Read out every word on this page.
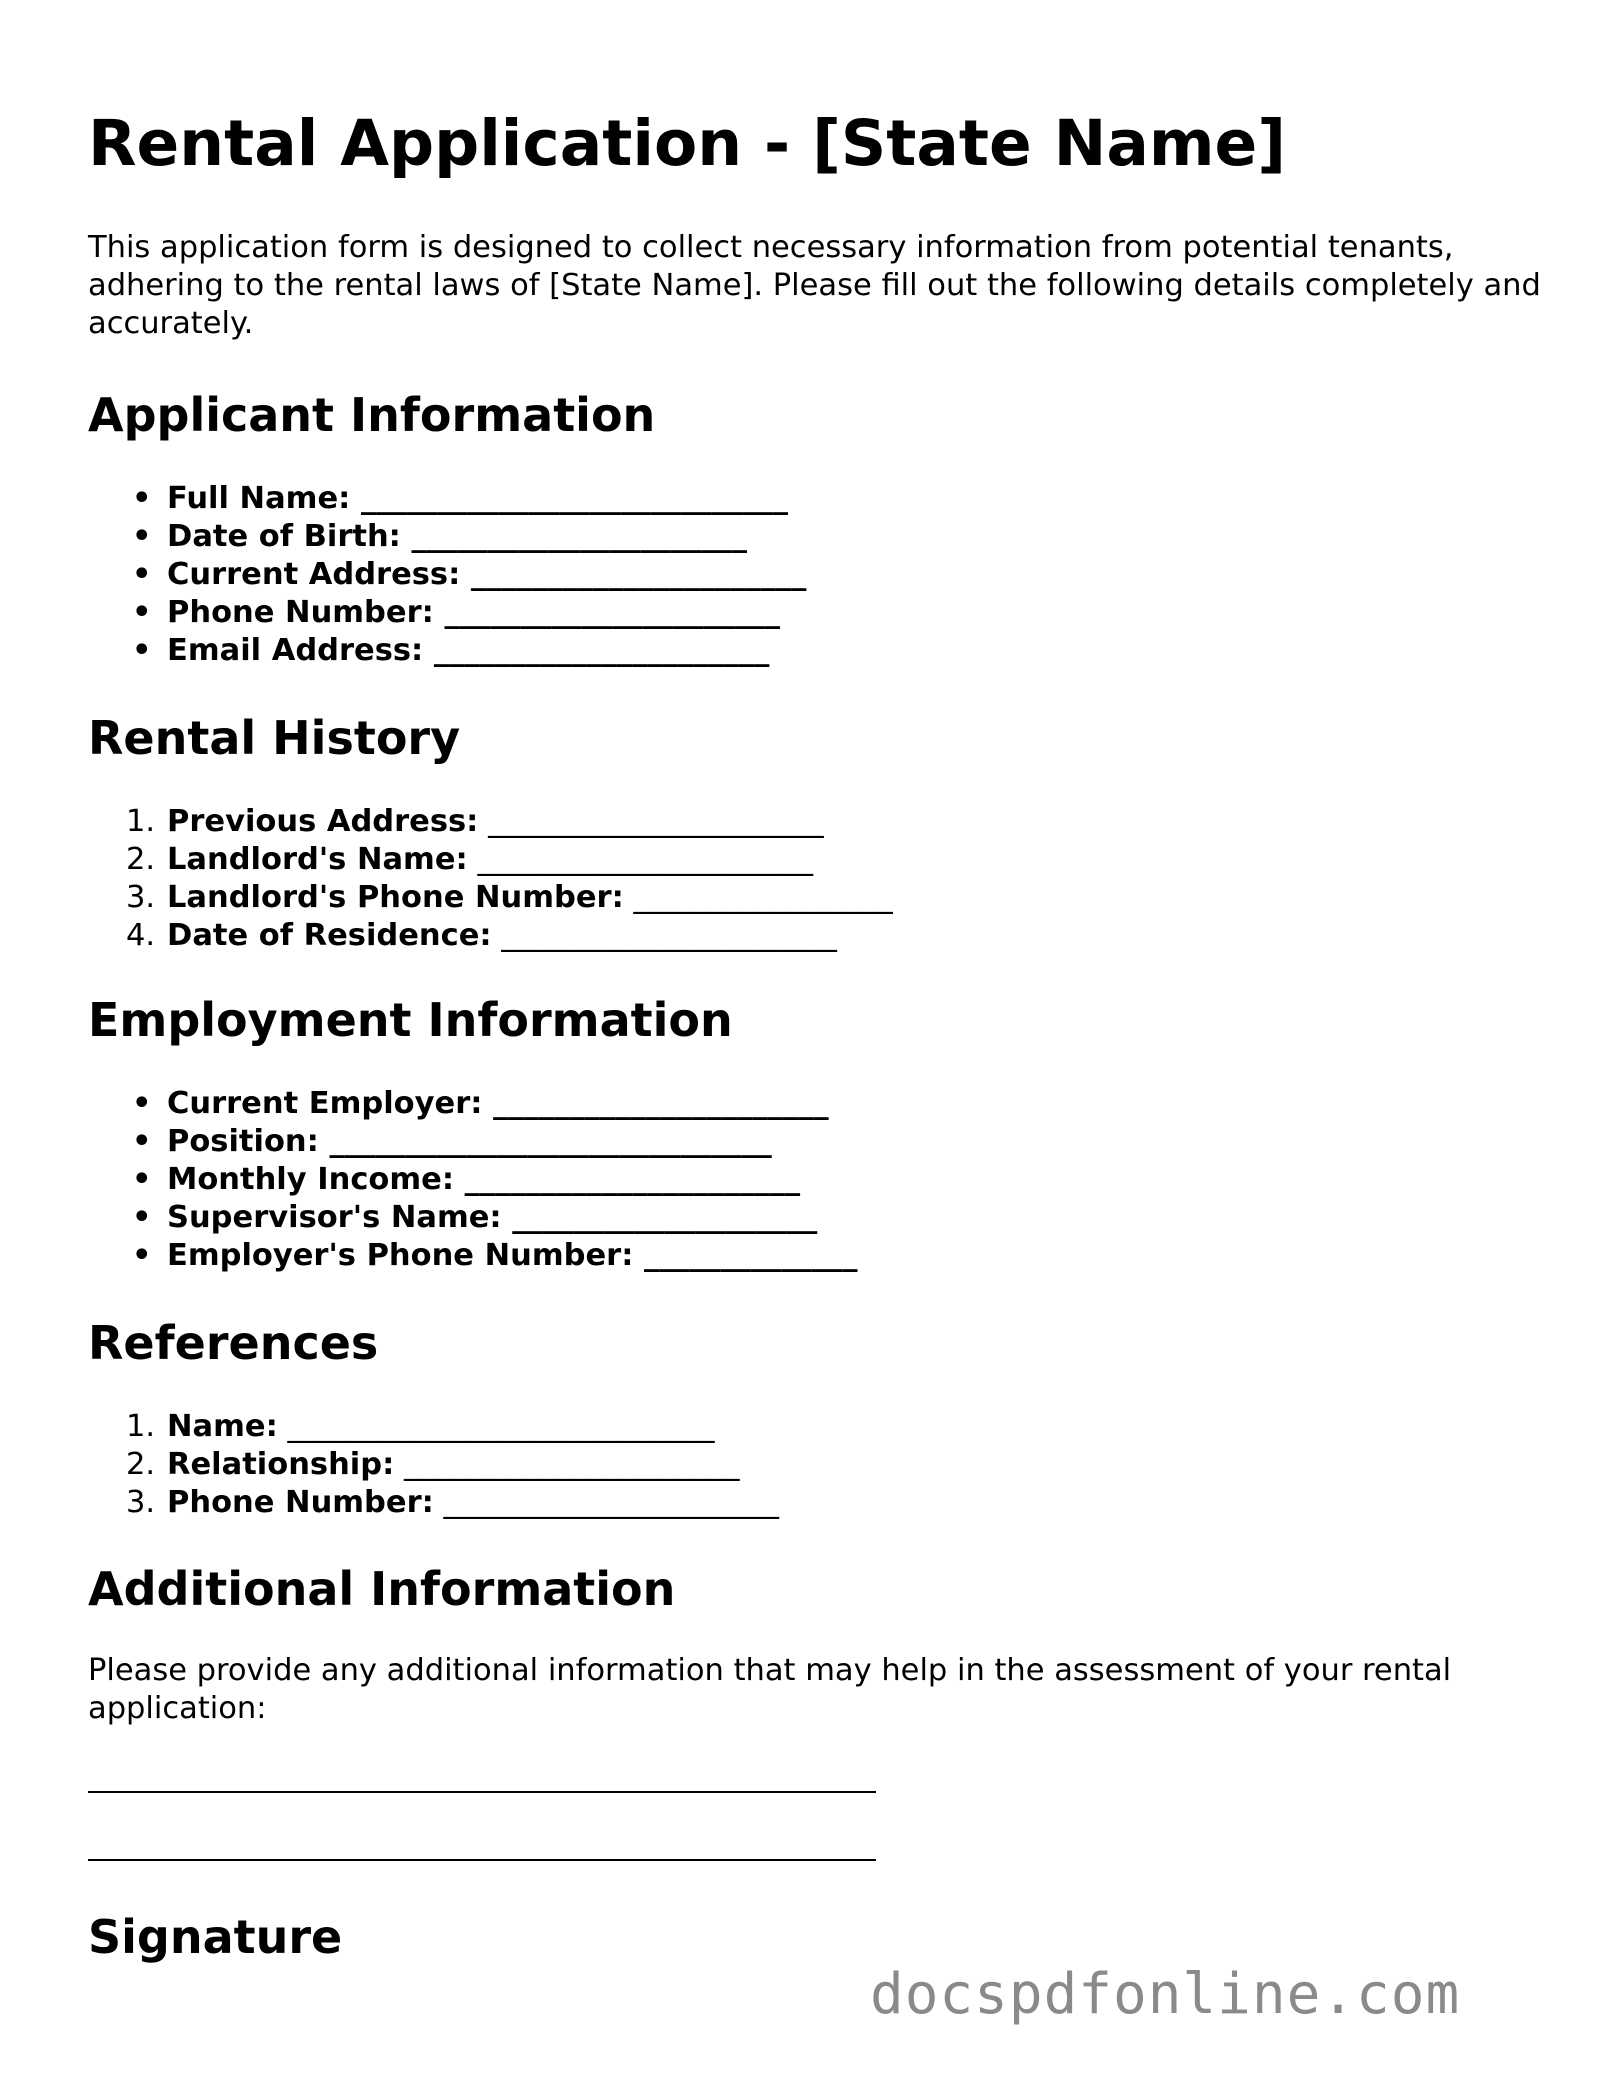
Rental Application - [State Name]

This application form is designed to collect necessary information from potential tenants, adhering to the rental laws of [State Name]. Please fill out the following details completely and accurately.

Applicant Information
• Full Name: ____________________________
• Date of Birth: ______________________
• Current Address: ______________________
• Phone Number: ______________________
• Email Address: ______________________
Rental History
1. Previous Address: ______________________
2. Landlord's Name: ______________________
3. Landlord's Phone Number: _________________
4. Date of Residence: ______________________
Employment Information
• Current Employer: ______________________
• Position: _____________________________
• Monthly Income: ______________________
• Supervisor's Name: ____________________
• Employer's Phone Number: ______________
References
1. Name: ____________________________
2. Relationship: ______________________
3. Phone Number: ______________________
Additional Information

Please provide any additional information that may help in the assessment of your rental application:

Signature
docspdfonline.com
